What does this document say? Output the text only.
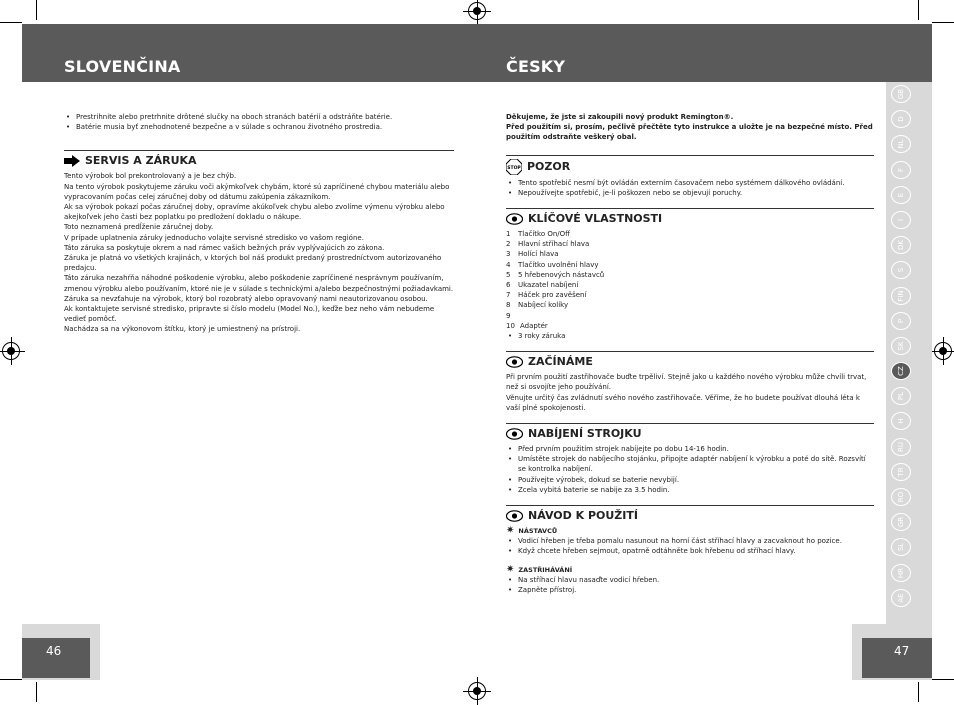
SLOVENČINA	ČESKY
46	47
• Prestrihnite alebo pretrhnite drôtené slučky na oboch stranách batérií a odstráňte batérie.
• Batérie musia byť znehodnotené bezpečne a v súlade s ochranou životného prostredia.
SERVIS A ZÁRUKA
Tento výrobok bol prekontrolovaný a je bez chýb.
Na tento výrobok poskytujeme záruku voči akýmkoľvek chybám, ktoré sú zapríčinené chybou materiálu alebo vypracovaním počas celej záručnej doby od dátumu zakúpenia zákazníkom.
Ak sa výrobok pokazí počas záručnej doby, opravíme akúkoľvek chybu alebo zvolíme výmenu výrobku alebo akejkoľvek jeho časti bez poplatku po predložení dokladu o nákupe.
Toto neznamená predĺženie záručnej doby.
V prípade uplatnenia záruky jednoducho volajte servisné stredisko vo vašom regióne.
Táto záruka sa poskytuje okrem a nad rámec vašich bežných práv vyplývajúcich zo zákona.
Záruka je platná vo všetkých krajinách, v ktorých bol náš produkt predaný prostredníctvom autorizovaného predajcu.
Táto záruka nezahŕňa náhodné poškodenie výrobku, alebo poškodenie zapríčinené nesprávnym používaním, zmenou výrobku alebo používaním, ktoré nie je v súlade s technickými a/alebo bezpečnostnými požiadavkami.
Záruka sa nevzťahuje na výrobok, ktorý bol rozobratý alebo opravovaný nami neautorizovanou osobou.
Ak kontaktujete servisné stredisko, pripravte si číslo modelu (Model No.), keďže bez neho vám nebudeme vedieť pomôcť.
Nachádza sa na výkonovom štítku, ktorý je umiestnený na prístroji.
Děkujeme, že jste si zakoupili nový produkt Remington®.
Před použitím si, prosím, pečlivě přečtěte tyto instrukce a uložte je na bezpečné místo. Před použitím odstraňte veškerý obal.
STOP POZOR
• Tento spotřebič nesmí být ovládán externím časovačem nebo systémem dálkového ovládání.
• Nepoužívejte spotřebič, je-li poškozen nebo se objevují poruchy.
KLÍČOVÉ VLASTNOSTI
1	Tlačítko On/Off
2	Hlavní stříhací hlava
3	Holící hlava
4	Tlačítko uvolnění hlavy
5	5 hřebenových nástavců
6	Ukazatel nabíjení
7	Háček pro zavěšení
8	Nabíjecí kolíky
9
10 Adaptér
• 3 roky záruka
ZAČÍNÁME
Při prvním použití zastřihovače buďte trpěliví. Stejně jako u každého nového výrobku může chvíli trvat, než si osvojíte jeho používání.
Věnujte určitý čas zvládnutí svého nového zastřihovače. Věříme, že ho budete používat dlouhá léta k vaší plné spokojenosti.
NABÍJENÍ STROJKU
• Před prvním použitím strojek nabíjejte po dobu 14-16 hodin.
• Umístěte strojek do nabíjecího stojánku, připojte adaptér nabíjení k výrobku a poté do sítě. Rozsvítí se kontrolka nabíjení.
• Používejte výrobek, dokud se baterie nevybijí.
• Zcela vybitá baterie se nabije za 3.5 hodin.
NÁVOD K POUŽITÍ
✷ NÁSTAVCŮ
• Vodicí hřeben je třeba pomalu nasunout na horní část stříhací hlavy a zacvaknout ho pozice.
• Když chcete hřeben sejmout, opatrně odtáhněte bok hřebenu od stříhací hlavy.
✷ ZASTŘIHÁVÁNÍ
• Na stříhací hlavu nasaďte vodicí hřeben.
• Zapněte přístroj.
GB
D
NL
F
E
I
DK
S
FIN
P
SK
CZ
PL
H
RU
TR
RO
GR
SL
HR
AE
